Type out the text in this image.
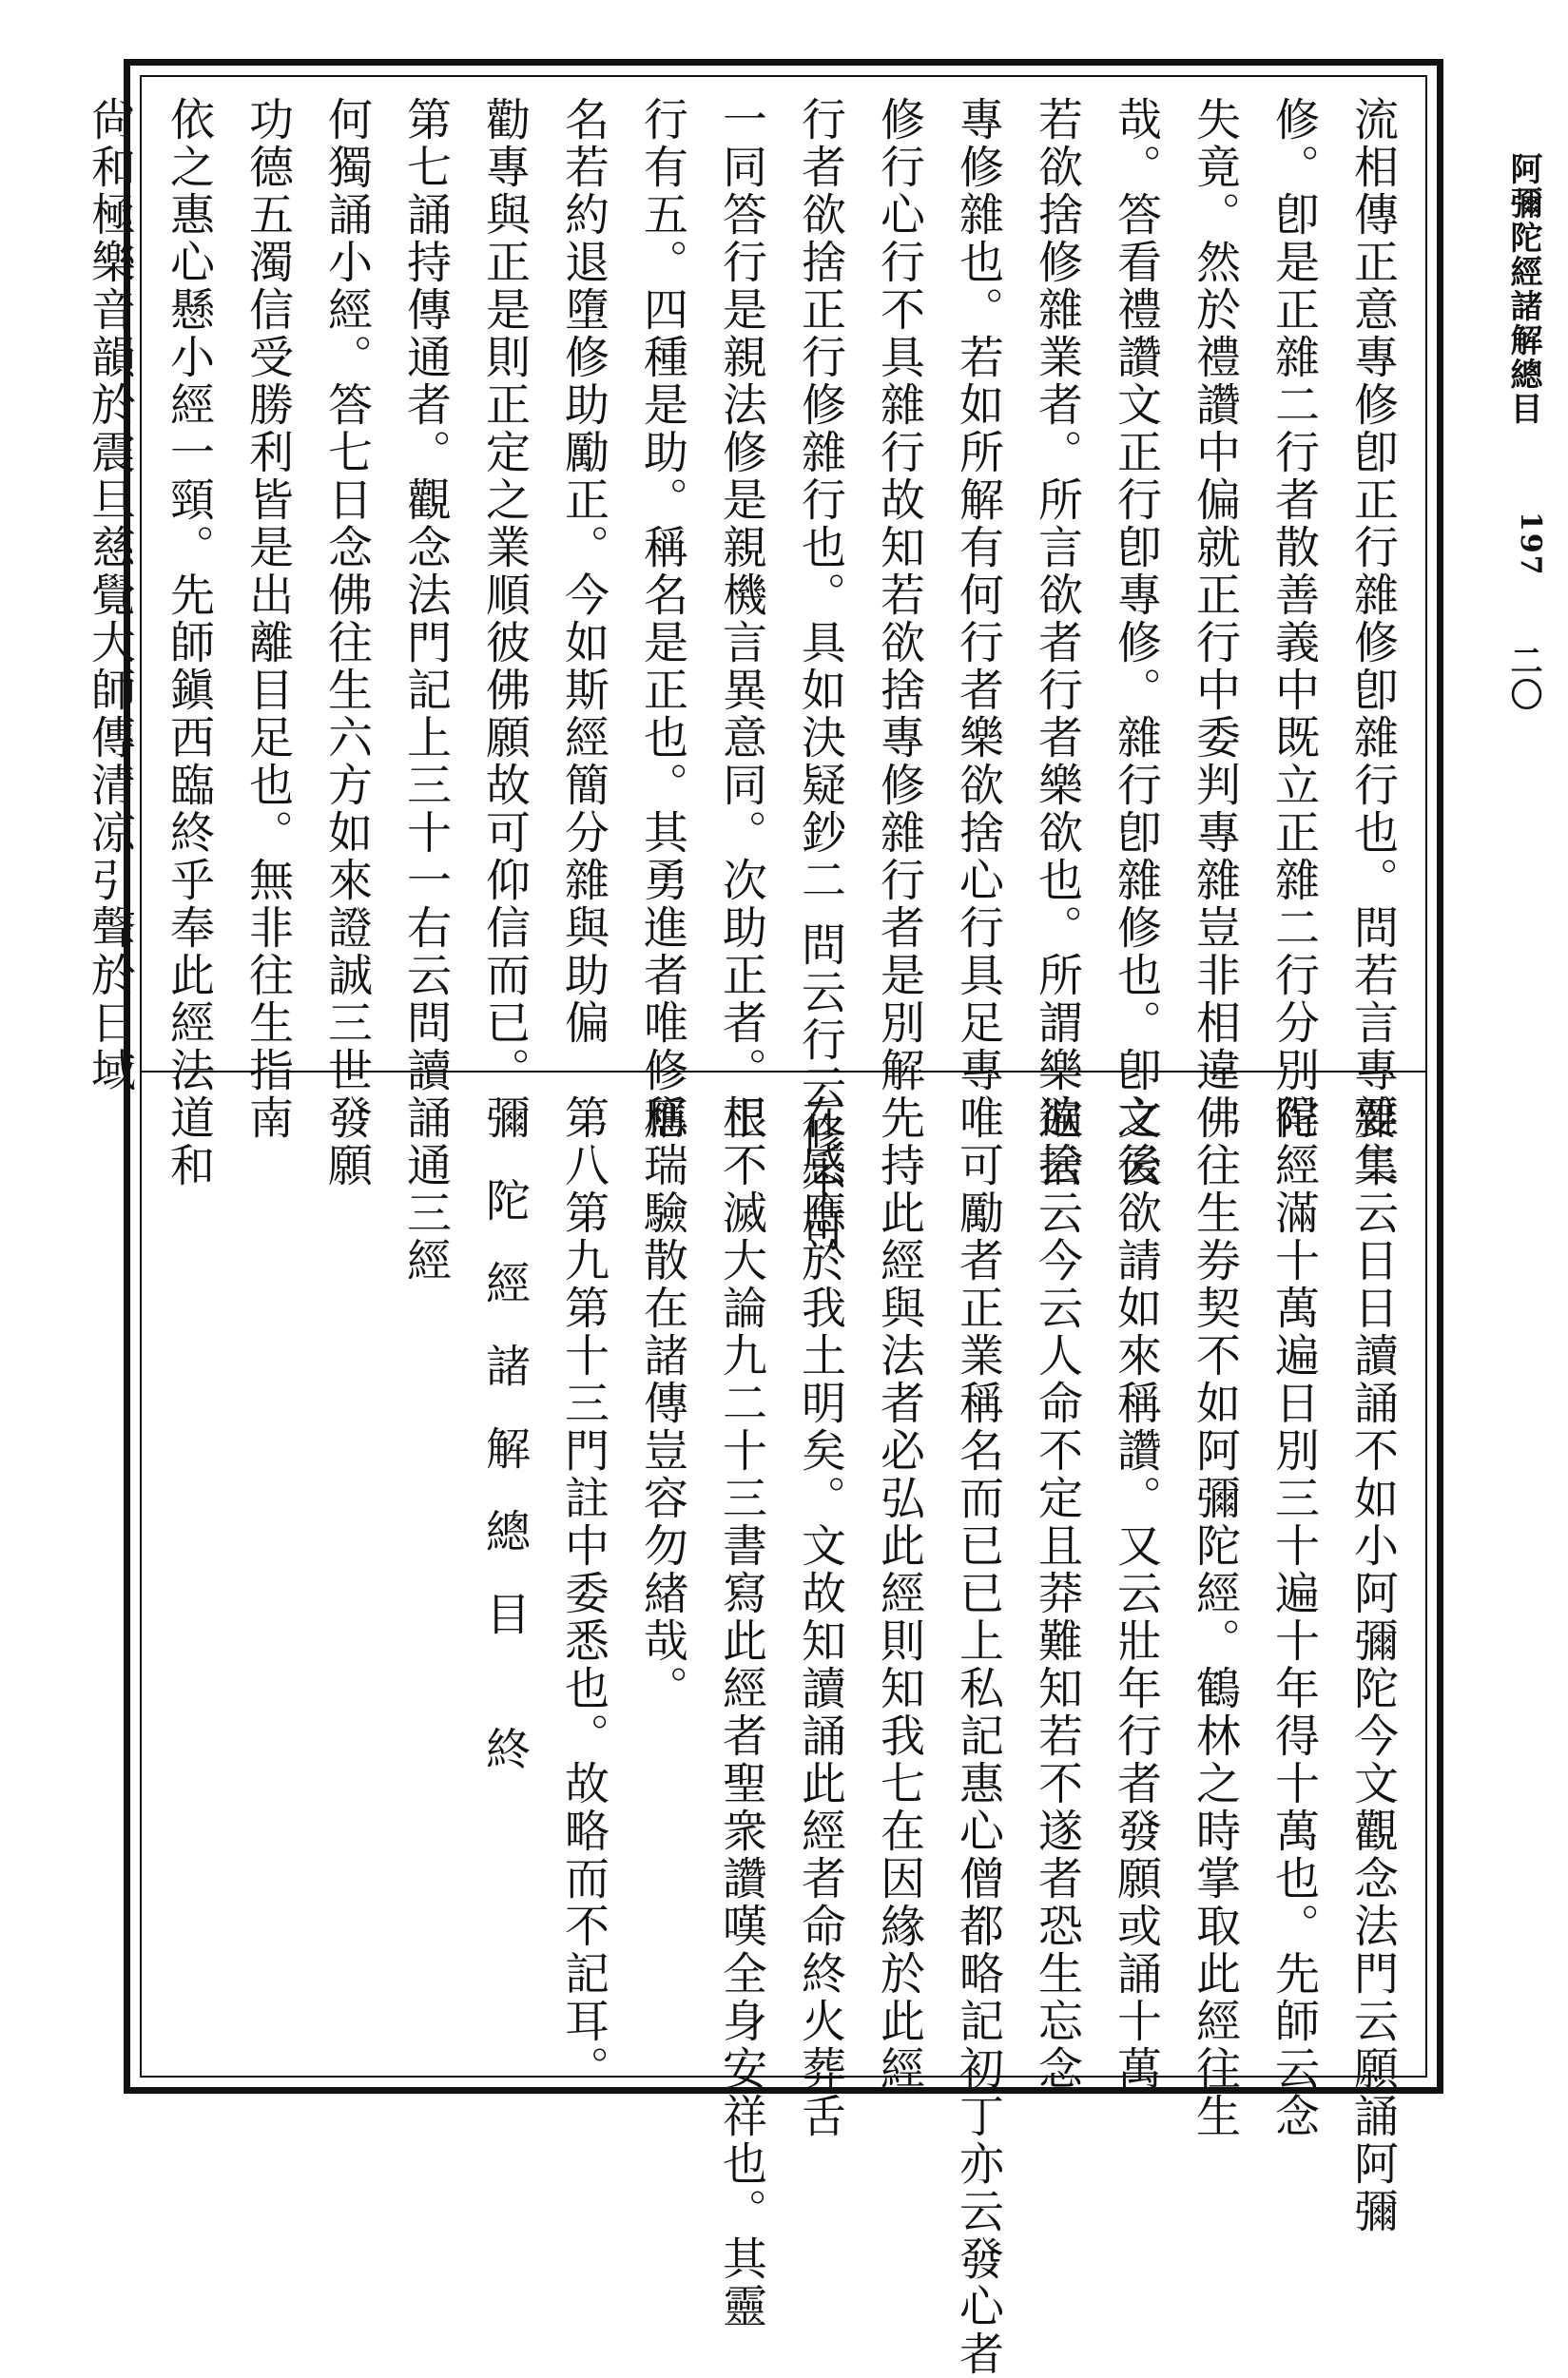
阿彌陀經諸解總目
197
二〇
流相傳正意專修卽正行雜修卽雜行也。問若言專雜二
修。卽是正雜二行者散善義中既立正雜二行分別得
失竟。然於禮讚中偏就正行中委判專雜豈非相違
哉。答看禮讚文正行卽專修。雜行卽雜修也。卽文云
若欲捨修雜業者。所言欲者行者樂欲也。所謂樂欲捨
專修雜也。若如所解有何行者樂欲捨心行具足專
修行心行不具雜行故知若欲捨專修雜行者是別解
行者欲捨正行修雜行也。具如決疑鈔二 問云行云修不可
一同答行是親法修是親機言異意同。次助正者。正
行有五。四種是助。稱名是正也。其勇進者唯修稱
名若約退墮修助勵正。今如斯經簡分雜與助偏
勸專與正是則正定之業順彼佛願故可仰信而已。
第七誦持傳通者。觀念法門記上三十一右云問讀誦通三經
何獨誦小經。答七日念佛往生六方如來證誠三世發願
功德五濁信受勝利皆是出離目足也。無非往生指南
依之惠心懸小經一頸。先師鎭西臨終乎奉此經法道和
尙和極樂音韻於震旦慈覺大師傳清凉引聲於日域
要集云日日讀誦不如小阿彌陀今文觀念法門云願誦阿彌
陀經滿十萬遍日別三十遍十年得十萬也。先師云念
佛往生券契不如阿彌陀經。鶴林之時掌取此經往生
之後欲請如來稱讚。又云壯年行者發願或誦十萬
遍云云今云人命不定且莽難知若不遂者恐生忘念
唯可勵者正業稱名而已已上私記惠心僧都略記初丁亦云發心者
先持此經與法者必弘此經則知我七在因緣於此經
在感應於我土明矣。文故知讀誦此經者命終火葬舌
根不滅大論九二十三書寫此經者聖衆讚嘆全身安祥也。其靈
應瑞驗散在諸傳豈容勿緖哉。
第八第九第十三門註中委悉也。故略而不記耳。
彌陀經諸解總目 終
